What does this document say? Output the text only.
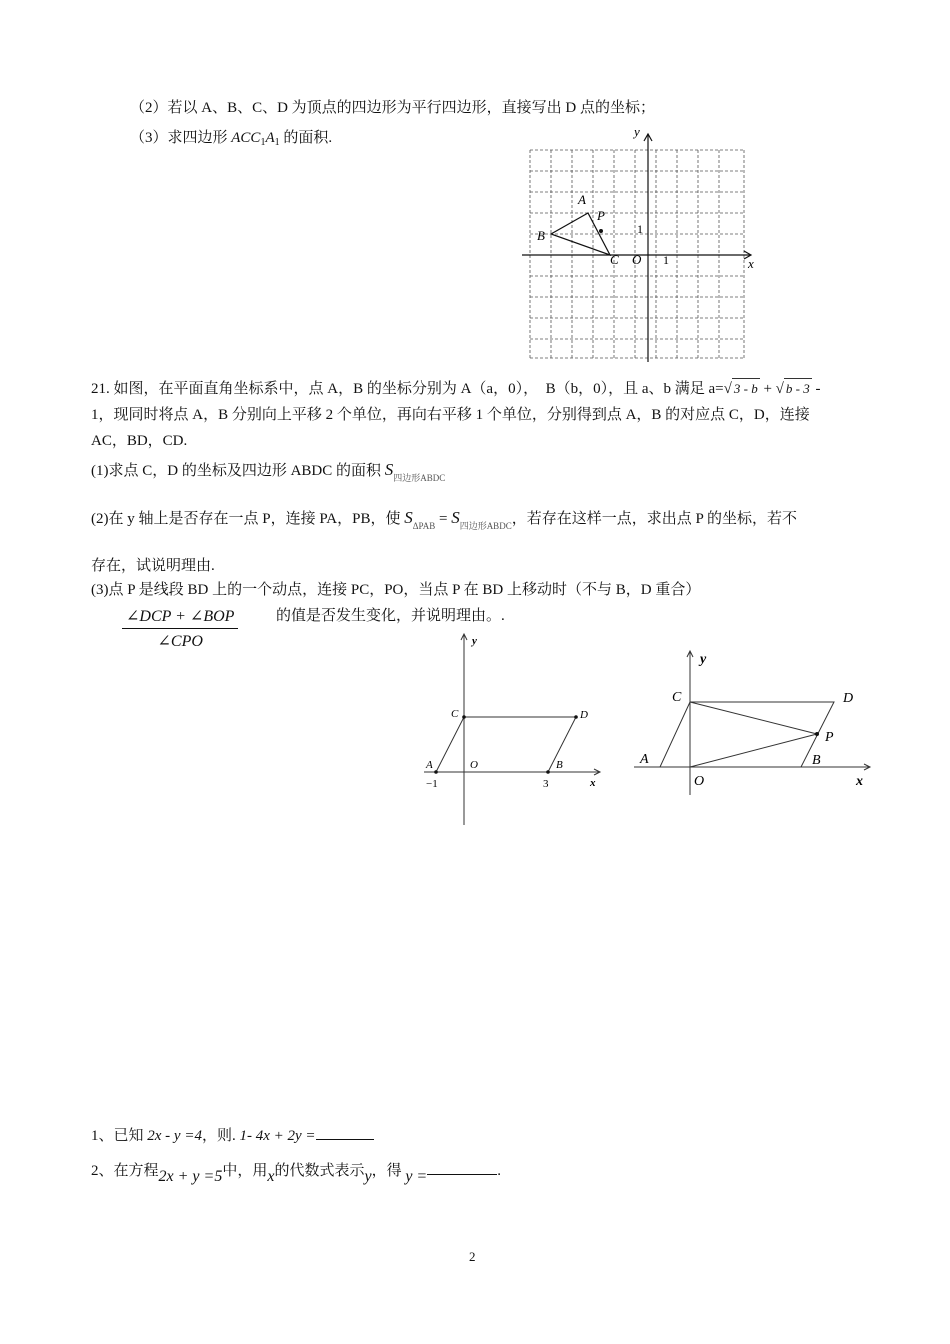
（2）若以 A、B、C、D 为顶点的四边形为平行四边形，直接写出 D 点的坐标；
（3）求四边形 $ACC_1A_1$ 的面积.	y
x
A
P
B
C O
1
1
21. 如图，在平面直角坐标系中，点 A，B 的坐标分别为 A（a，0），　B（b，0），且 a、b 满足 a=√ 3 - b + √ b - 3 -
1，现同时将点 A，B 分别向上平移 2 个单位，再向右平移 1 个单位，分别得到点 A，B 的对应点 C，D，连接
AC，BD，CD.
(1)求点 C，D 的坐标及四边形 ABDC 的面积 $S_{四边形ABDC}$
(2)在 y 轴上是否存在一点 P，连接 PA，PB，使 $S_{\Delta PAB} = S_{四边形ABDC}$，若存在这样一点，求出点 P 的坐标，若不
存在，试说明理由.
(3)点 P 是线段 BD 上的一个动点，连接 PC，PO，当点 P 在 BD 上移动时（不与 B，D 重合）
∠DCP + ∠BOP
∠CPO
的值是否发生变化，并说明理由。.
y
x
C	D
A	O	B
−1	3
y
x
C	D
P
A	B
O
1、已知 2x - y =4，则. 1- 4x + 2y =
2、在方程2x + y =5中，用x的代数式表示y，得 y =	.
2
